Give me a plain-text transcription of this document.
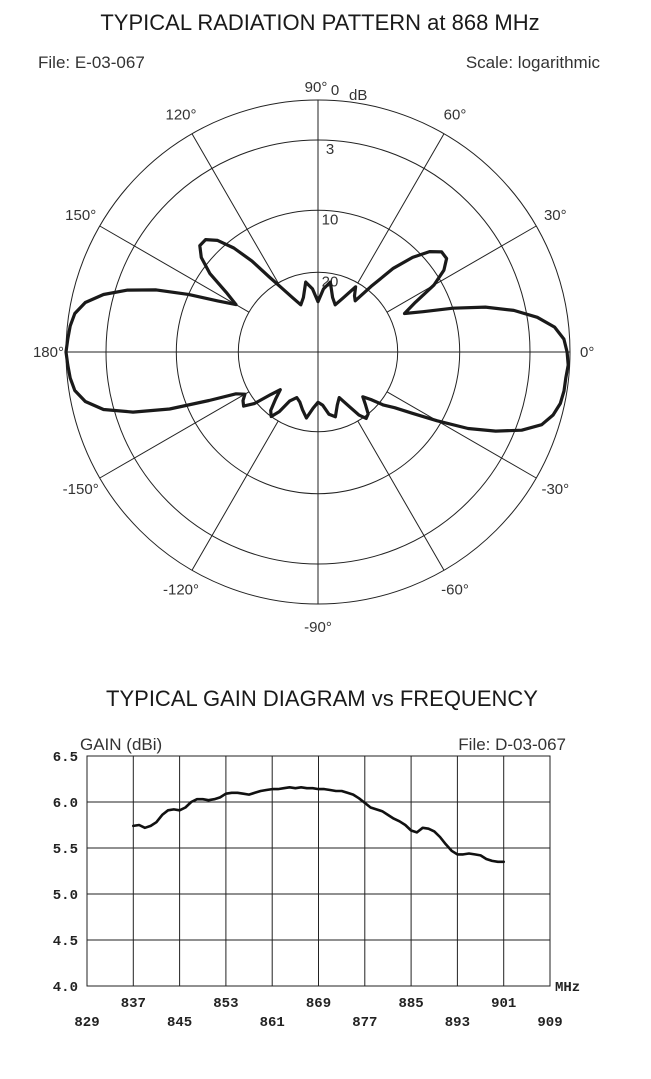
TYPICAL RADIATION PATTERN at 868 MHz
File: E-03-067	Scale: logarithmic
0
3
10
20
0°
30°
60°
90°
120°
150°
180°
-150°
-120°
-90°
-60°
-30°
dB
TYPICAL GAIN DIAGRAM vs FREQUENCY
GAIN (dBi)	File: D-03-067
6.5
6.0
5.5
5.0
4.5
4.0
837	853	869	885	901
829	845	861	877	893	909
MHz
